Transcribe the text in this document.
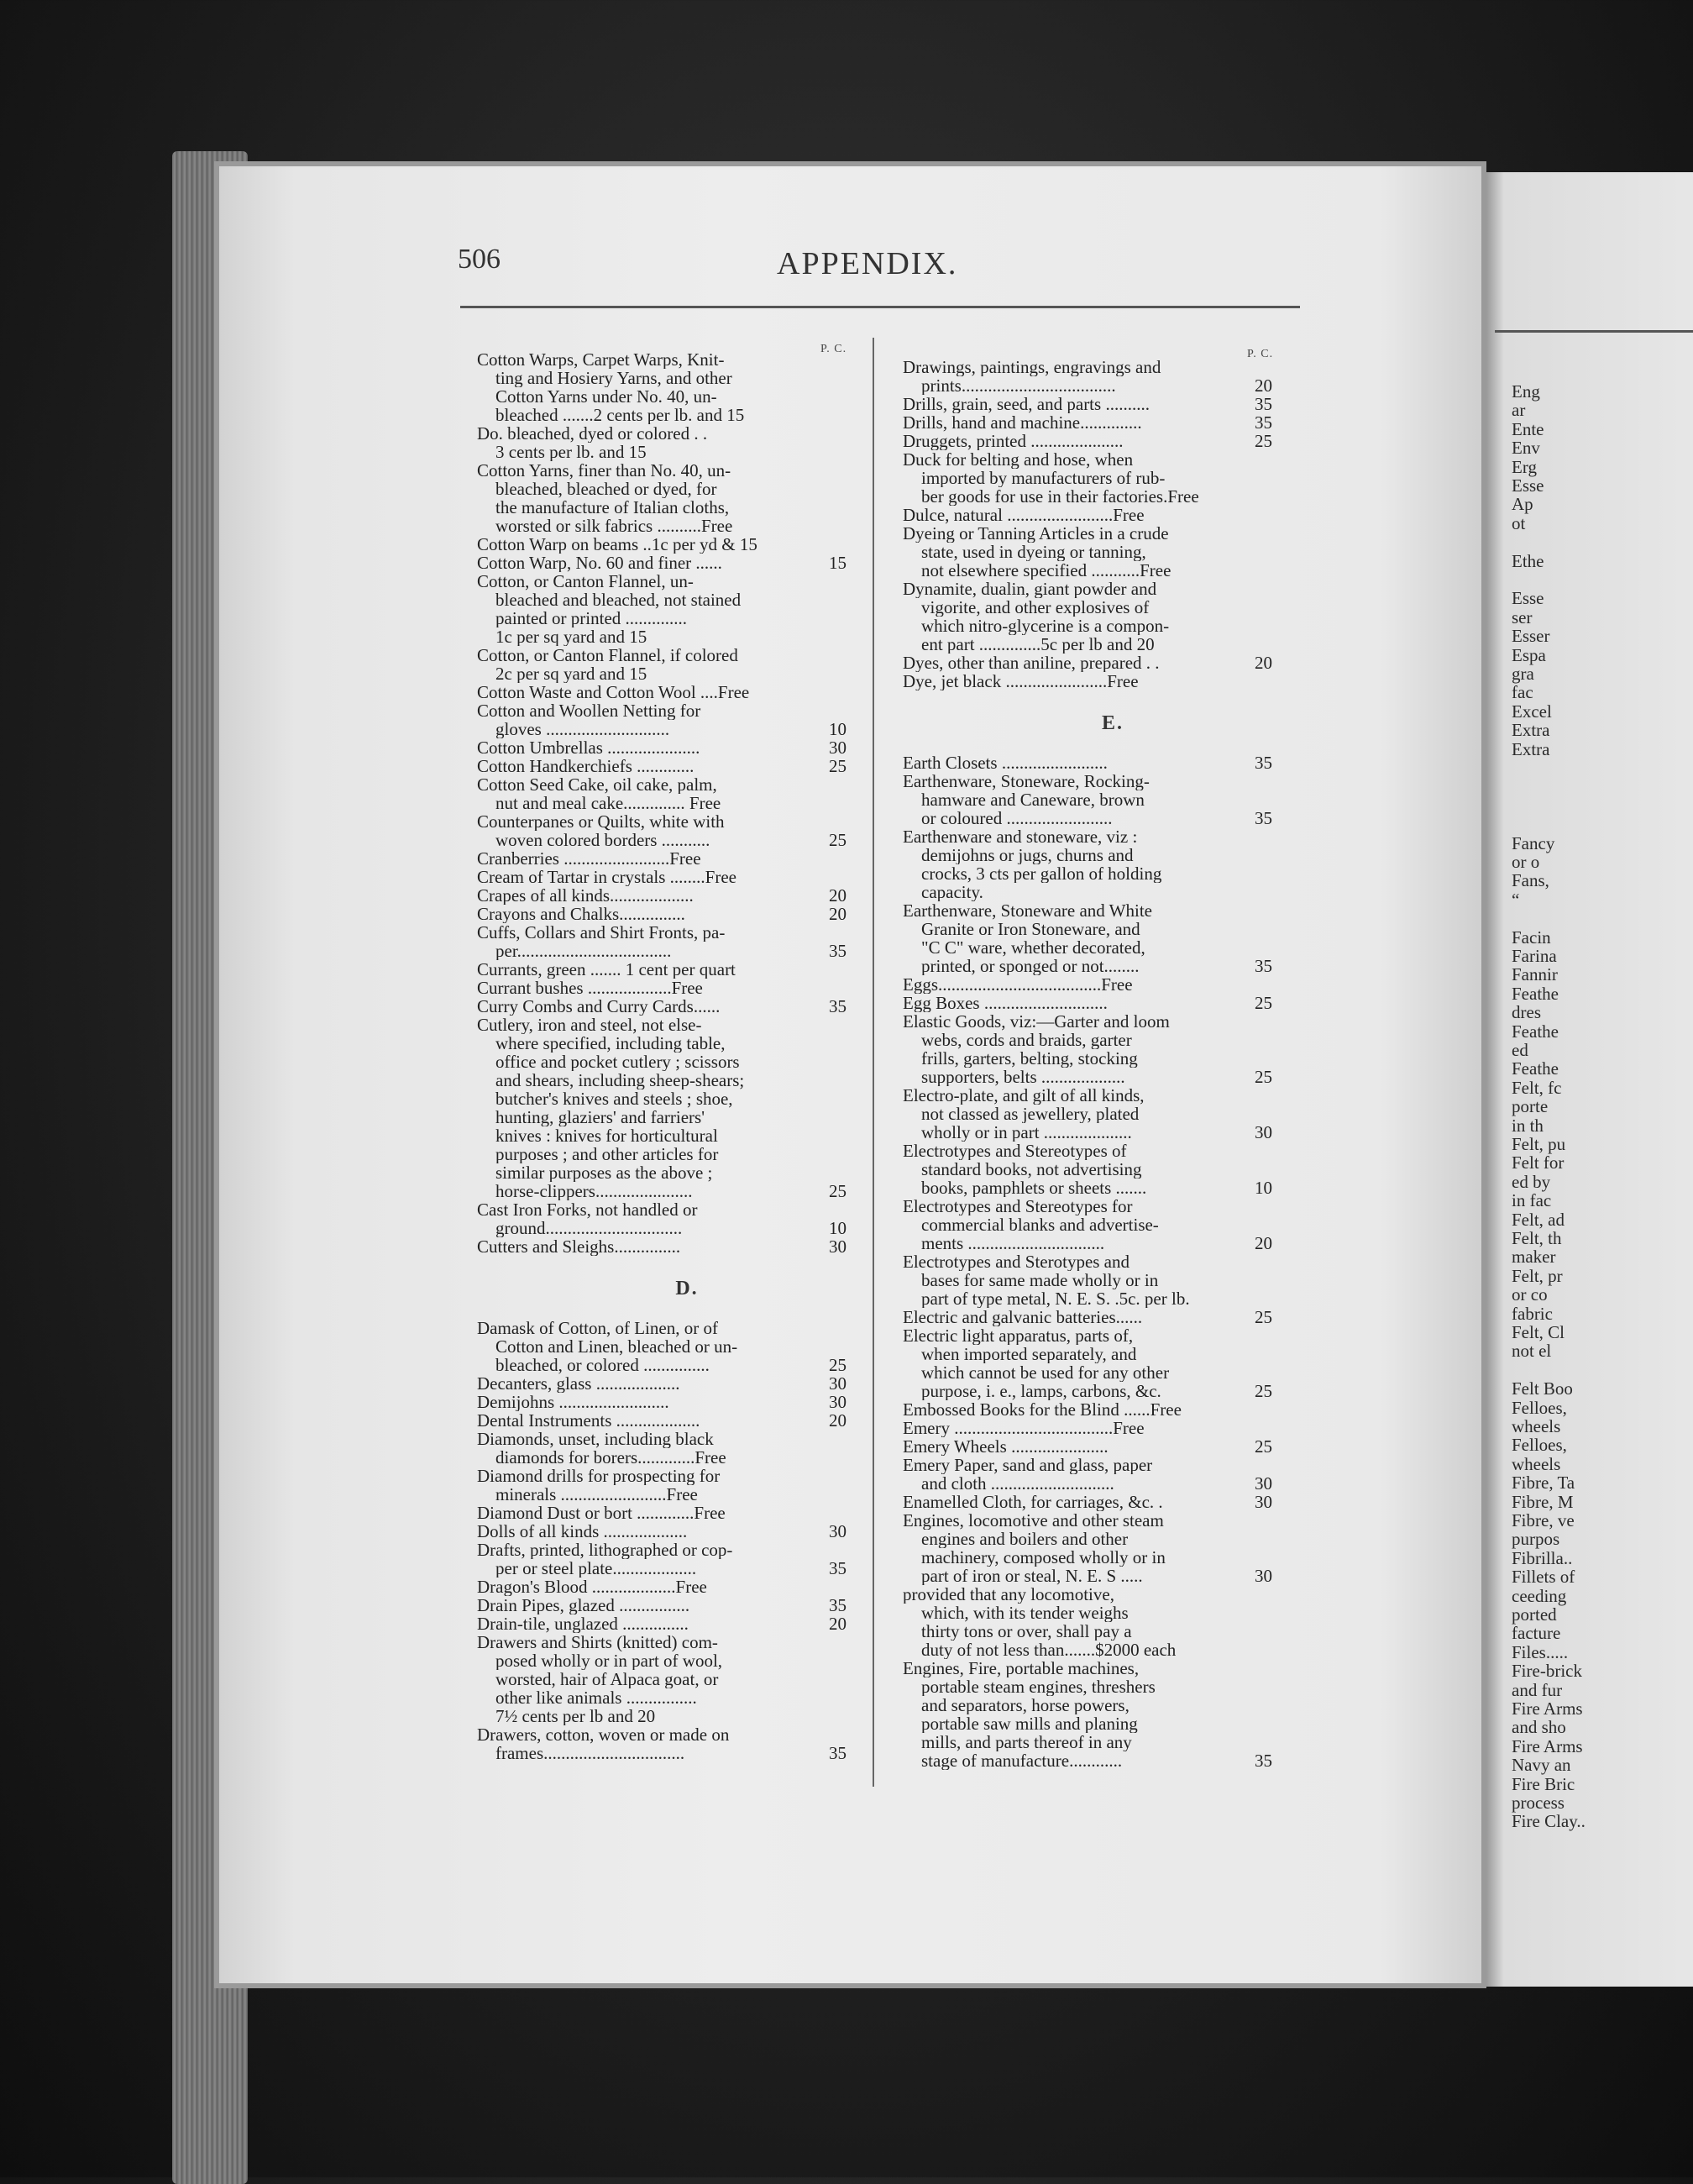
Eng
ar
Ente
Env
Erg
Esse
Ap
ot
Ethe
Esse
ser
Esser
Espa
gra
fac
Excel
Extra
Extra
Fancy
or o
Fans,
“
Facin
Farina
Fannir
Feathe
dres
Feathe
ed
Feathe
Felt, fc
porte
in th
Felt, pu
Felt for
ed by
in fac
Felt, ad
Felt, th
maker
Felt, pr
or co
fabric
Felt, Cl
not el
Felt Boo
Felloes,
wheels
Felloes,
wheels
Fibre, Ta
Fibre, M
Fibre, ve
purpos
Fibrilla..
Fillets of
ceeding
ported
facture
Files.....
Fire-brick
and fur
Fire Arms
and sho
Fire Arms
Navy an
Fire Bric
process
Fire Clay..
506	APPENDIX.
P. C.	P. C.
Cotton Warps, Carpet Warps, Knit-
ting and Hosiery Yarns, and other
Cotton Yarns under No. 40, un-
bleached .......2 cents per lb. and 15
Do. bleached, dyed or colored . .
3 cents per lb. and 15
Cotton Yarns, finer than No. 40, un-
bleached, bleached or dyed, for
the manufacture of Italian cloths,
worsted or silk fabrics ..........Free
Cotton Warp on beams ..1c per yd & 15
Cotton Warp, No. 60 and finer ......	15
Cotton, or Canton Flannel, un-
bleached and bleached, not stained
painted or printed ..............
1c per sq yard and 15
Cotton, or Canton Flannel, if colored
2c per sq yard and 15
Cotton Waste and Cotton Wool ....Free
Cotton and Woollen Netting for
gloves ............................	10
Cotton Umbrellas .....................	30
Cotton Handkerchiefs .............	25
Cotton Seed Cake, oil cake, palm,
nut and meal cake.............. Free
Counterpanes or Quilts, white with
woven colored borders ...........	25
Cranberries ........................Free
Cream of Tartar in crystals ........Free
Crapes of all kinds...................	20
Crayons and Chalks...............	20
Cuffs, Collars and Shirt Fronts, pa-
per...................................	35
Currants, green ....... 1 cent per quart
Currant bushes ...................Free
Curry Combs and Curry Cards......	35
Cutlery, iron and steel, not else-
where specified, including table,
office and pocket cutlery ; scissors
and shears, including sheep-shears;
butcher's knives and steels ; shoe,
hunting, glaziers' and farriers'
knives : knives for horticultural
purposes ; and other articles for
similar purposes as the above ;
horse-clippers......................	25
Cast Iron Forks, not handled or
ground...............................	10
Cutters and Sleighs...............	30
D.
Damask of Cotton, of Linen, or of
Cotton and Linen, bleached or un-
bleached, or colored ...............	25
Decanters, glass ...................	30
Demijohns .........................	30
Dental Instruments ...................	20
Diamonds, unset, including black
diamonds for borers.............Free
Diamond drills for prospecting for
minerals ........................Free
Diamond Dust or bort .............Free
Dolls of all kinds ...................	30
Drafts, printed, lithographed or cop-
per or steel plate...................	35
Dragon's Blood ...................Free
Drain Pipes, glazed ................	35
Drain-tile, unglazed ...............	20
Drawers and Shirts (knitted) com-
posed wholly or in part of wool,
worsted, hair of Alpaca goat, or
other like animals ................
7½ cents per lb and 20
Drawers, cotton, woven or made on
frames................................	35
Drawings, paintings, engravings and
prints...................................	20
Drills, grain, seed, and parts ..........	35
Drills, hand and machine..............	35
Druggets, printed .....................	25
Duck for belting and hose, when
imported by manufacturers of rub-
ber goods for use in their factories.Free
Dulce, natural ........................Free
Dyeing or Tanning Articles in a crude
state, used in dyeing or tanning,
not elsewhere specified ...........Free
Dynamite, dualin, giant powder and
vigorite, and other explosives of
which nitro-glycerine is a compon-
ent part ..............5c per lb and 20
Dyes, other than aniline, prepared . .	20
Dye, jet black .......................Free
E.
Earth Closets ........................	35
Earthenware, Stoneware, Rocking-
hamware and Caneware, brown
or coloured ........................	35
Earthenware and stoneware, viz :
demijohns or jugs, churns and
crocks, 3 cts per gallon of holding
capacity.
Earthenware, Stoneware and White
Granite or Iron Stoneware, and
"C C" ware, whether decorated,
printed, or sponged or not........	35
Eggs.....................................Free
Egg Boxes ............................	25
Elastic Goods, viz:—Garter and loom
webs, cords and braids, garter
frills, garters, belting, stocking
supporters, belts ...................	25
Electro-plate, and gilt of all kinds,
not classed as jewellery, plated
wholly or in part ....................	30
Electrotypes and Stereotypes of
standard books, not advertising
books, pamphlets or sheets .......	10
Electrotypes and Stereotypes for
commercial blanks and advertise-
ments ...............................	20
Electrotypes and Sterotypes and
bases for same made wholly or in
part of type metal, N. E. S. .5c. per lb.
Electric and galvanic batteries......	25
Electric light apparatus, parts of,
when imported separately, and
which cannot be used for any other
purpose, i. e., lamps, carbons, &c.	25
Embossed Books for the Blind ......Free
Emery ....................................Free
Emery Wheels ......................	25
Emery Paper, sand and glass, paper
and cloth ............................	30
Enamelled Cloth, for carriages, &c. .	30
Engines, locomotive and other steam
engines and boilers and other
machinery, composed wholly or in
part of iron or steal, N. E. S .....	30
provided that any locomotive,
which, with its tender weighs
thirty tons or over, shall pay a
duty of not less than.......$2000 each
Engines, Fire, portable machines,
portable steam engines, threshers
and separators, horse powers,
portable saw mills and planing
mills, and parts thereof in any
stage of manufacture............	35
